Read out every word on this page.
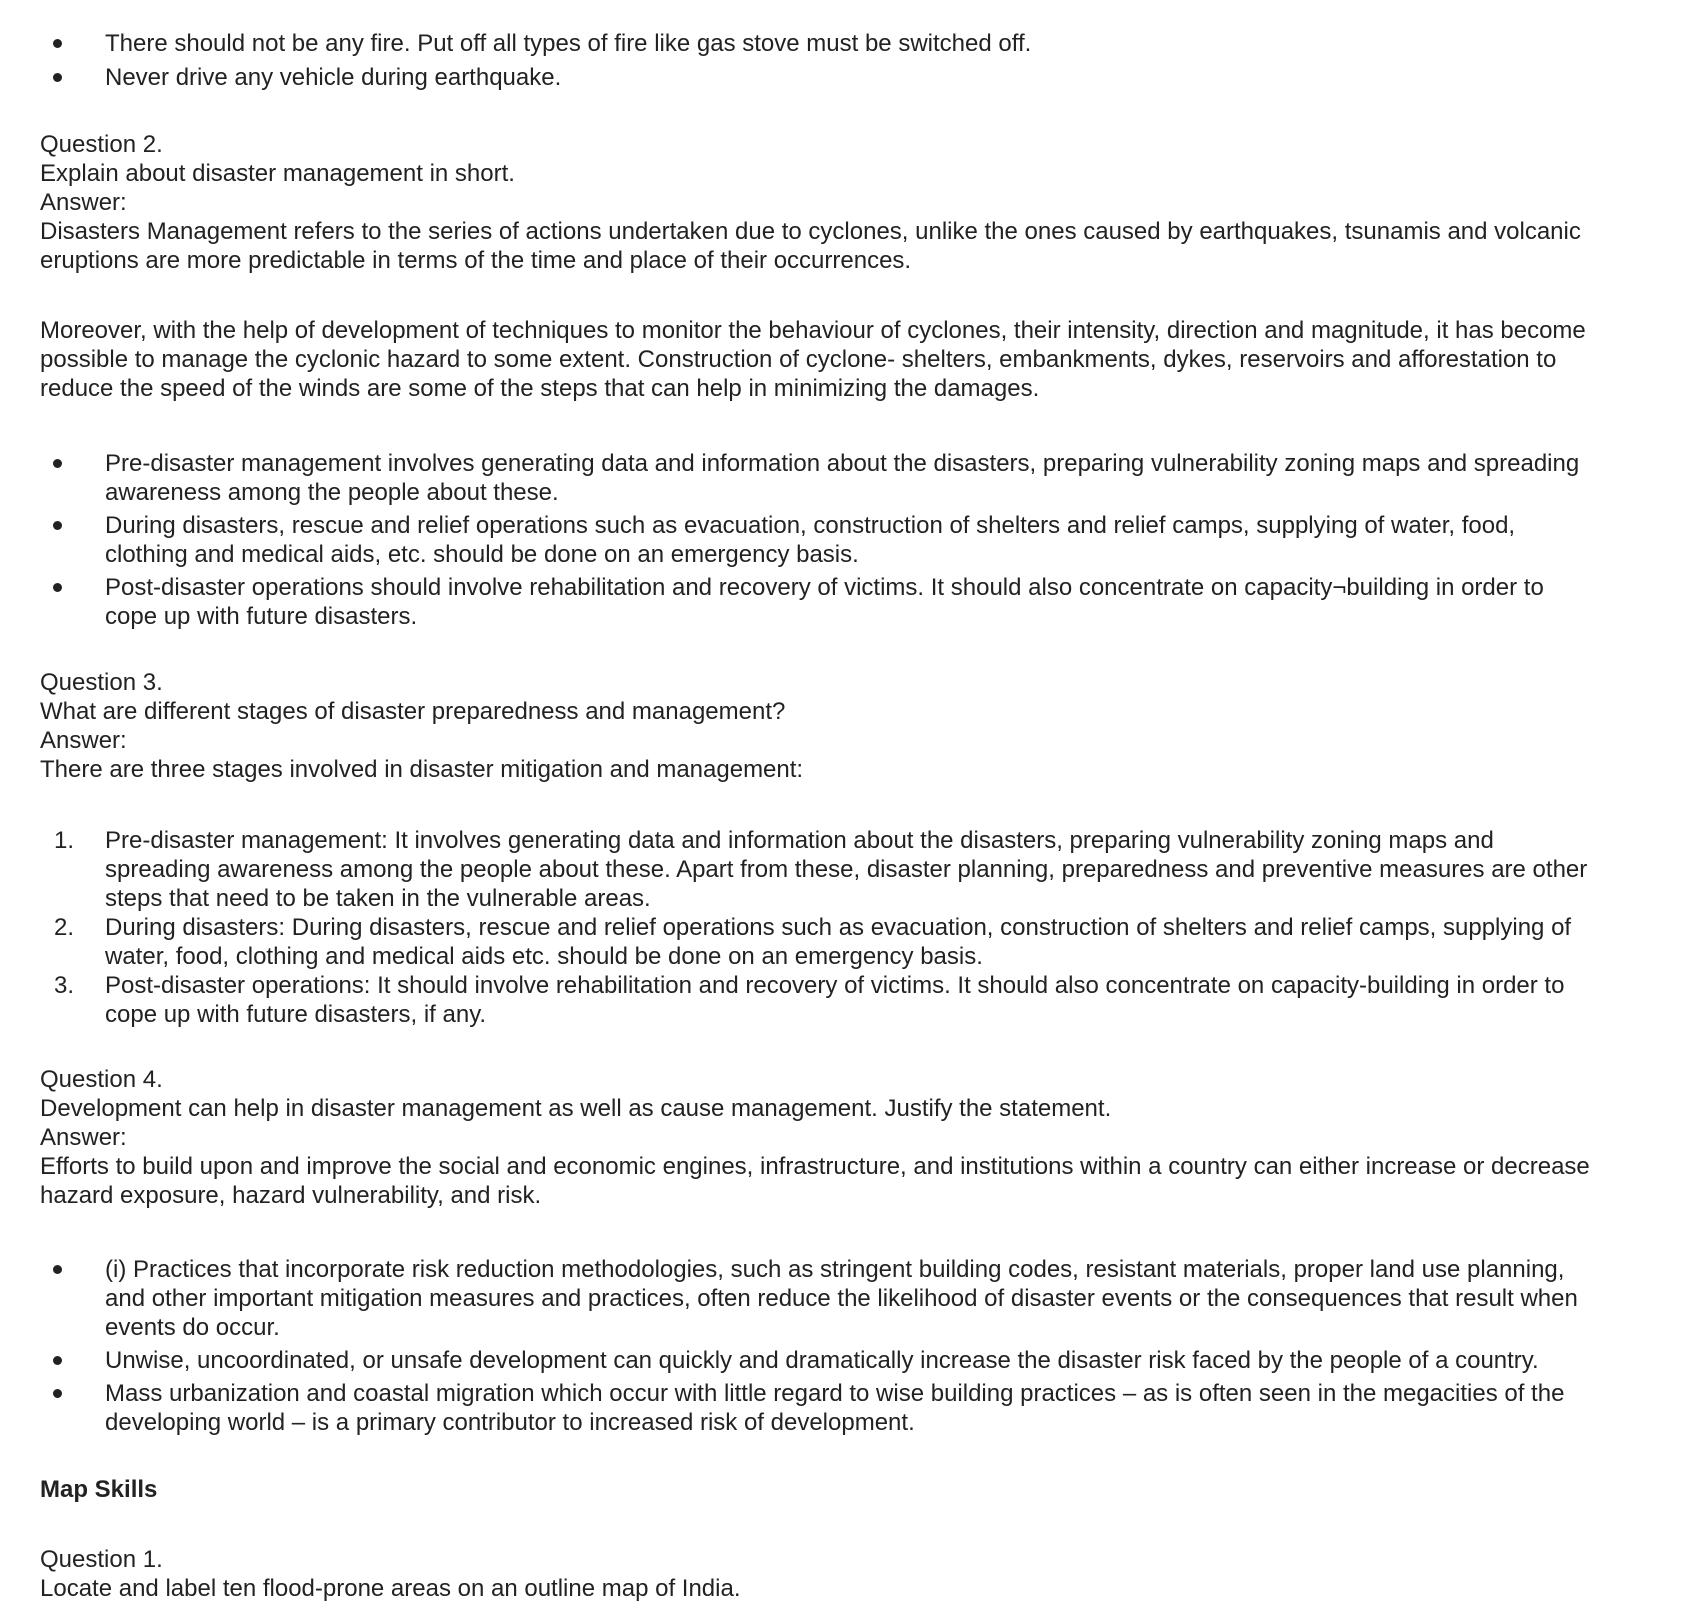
There should not be any fire. Put off all types of fire like gas stove must be switched off.
Never drive any vehicle during earthquake.
Question 2.
Explain about disaster management in short.
Answer:
Disasters Management refers to the series of actions undertaken due to cyclones, unlike the ones caused by earthquakes, tsunamis and volcanic
eruptions are more predictable in terms of the time and place of their occurrences.
Moreover, with the help of development of techniques to monitor the behaviour of cyclones, their intensity, direction and magnitude, it has become
possible to manage the cyclonic hazard to some extent. Construction of cyclone- shelters, embankments, dykes, reservoirs and afforestation to
reduce the speed of the winds are some of the steps that can help in minimizing the damages.
Pre-disaster management involves generating data and information about the disasters, preparing vulnerability zoning maps and spreading
awareness among the people about these.
During disasters, rescue and relief operations such as evacuation, construction of shelters and relief camps, supplying of water, food,
clothing and medical aids, etc. should be done on an emergency basis.
Post-disaster operations should involve rehabilitation and recovery of victims. It should also concentrate on capacity¬building in order to
cope up with future disasters.
Question 3.
What are different stages of disaster preparedness and management?
Answer:
There are three stages involved in disaster mitigation and management:
1. Pre-disaster management: It involves generating data and information about the disasters, preparing vulnerability zoning maps and
spreading awareness among the people about these. Apart from these, disaster planning, preparedness and preventive measures are other
steps that need to be taken in the vulnerable areas.
2. During disasters: During disasters, rescue and relief operations such as evacuation, construction of shelters and relief camps, supplying of
water, food, clothing and medical aids etc. should be done on an emergency basis.
3. Post-disaster operations: It should involve rehabilitation and recovery of victims. It should also concentrate on capacity-building in order to
cope up with future disasters, if any.
Question 4.
Development can help in disaster management as well as cause management. Justify the statement.
Answer:
Efforts to build upon and improve the social and economic engines, infrastructure, and institutions within a country can either increase or decrease
hazard exposure, hazard vulnerability, and risk.
(i) Practices that incorporate risk reduction methodologies, such as stringent building codes, resistant materials, proper land use planning,
and other important mitigation measures and practices, often reduce the likelihood of disaster events or the consequences that result when
events do occur.
Unwise, uncoordinated, or unsafe development can quickly and dramatically increase the disaster risk faced by the people of a country.
Mass urbanization and coastal migration which occur with little regard to wise building practices – as is often seen in the megacities of the
developing world – is a primary contributor to increased risk of development.
Map Skills
Question 1.
Locate and label ten flood-prone areas on an outline map of India.
